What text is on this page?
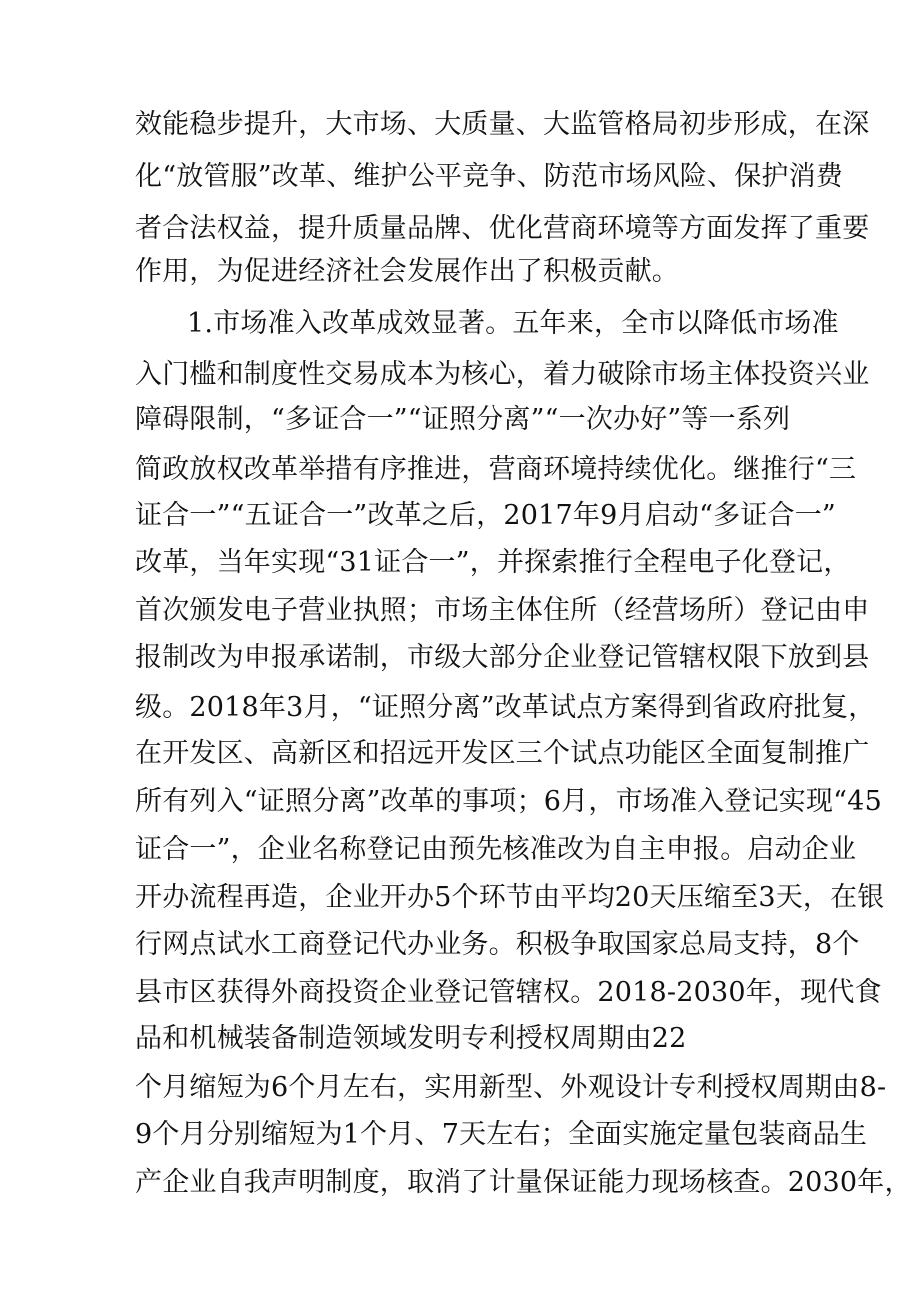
效能稳步提升，大市场、大质量、大监管格局初步形成，在深

化“放管服”改革、维护公平竞争、防范市场风险、保护消费

者合法权益，提升质量品牌、优化营商环境等方面发挥了重要

作用，为促进经济社会发展作出了积极贡献。

1.市场准入改革成效显著。五年来，全市以降低市场准

入门槛和制度性交易成本为核心，着力破除市场主体投资兴业

障碍限制，“多证合一”“证照分离”“一次办好”等一系列

简政放权改革举措有序推进，营商环境持续优化。继推行“三

证合一”“五证合一”改革之后，2017年9月启动“多证合一”

改革，当年实现“31证合一”，并探索推行全程电子化登记，

首次颁发电子营业执照；市场主体住所（经营场所）登记由申

报制改为申报承诺制，市级大部分企业登记管辖权限下放到县

级。2018年3月，“证照分离”改革试点方案得到省政府批复，

在开发区、高新区和招远开发区三个试点功能区全面复制推广

所有列入“证照分离”改革的事项；6月，市场准入登记实现“45

证合一”，企业名称登记由预先核准改为自主申报。启动企业

开办流程再造，企业开办5个环节由平均20天压缩至3天，在银

行网点试水工商登记代办业务。积极争取国家总局支持，8个

县市区获得外商投资企业登记管辖权。2018-2030年，现代食

品和机械装备制造领域发明专利授权周期由22

个月缩短为6个月左右，实用新型、外观设计专利授权周期由8-

9个月分别缩短为1个月、7天左右；全面实施定量包装商品生

产企业自我声明制度，取消了计量保证能力现场核查。2030年，
